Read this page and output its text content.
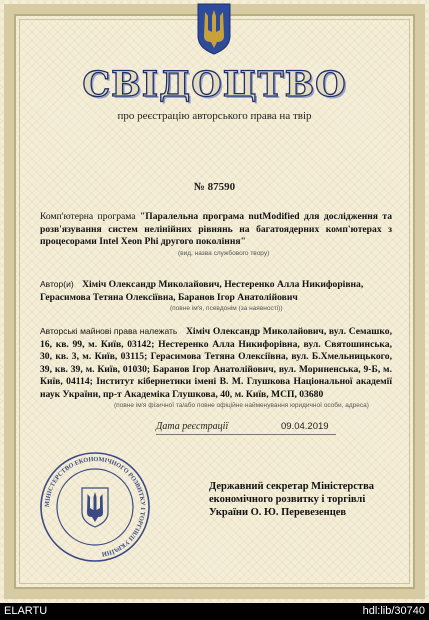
СВІДОЦТВО
про реєстрацію авторського права на твір
№ 87590
Комп'ютерна програма "Паралельна програма nutModified для дослідження та розв'язування систем нелінійних рівнянь на багатоядерних комп'ютерах з процесорами Intel Xeon Phi другого покоління"
(вид, назва службового твору)
Автор(и) Хіміч Олександр Миколайович, Нестеренко Алла Никифорівна, Герасимова Тетяна Олексіївна, Баранов Ігор Анатолійович
(повне ім'я, псевдонім (за наявності))
Авторські майнові права належать Хіміч Олександр Миколайович, вул. Семашко, 16, кв. 99, м. Київ, 03142; Нестеренко Алла Никифорівна, вул. Святошинська, 30, кв. 3, м. Київ, 03115; Герасимова Тетяна Олексіївна, вул. Б.Хмельницького, 39, кв. 39, м. Київ, 01030; Баранов Ігор Анатолійович, вул. Мориненська, 9-Б, м. Київ, 04114; Інститут кібернетики імені В. М. Глушкова Національної академії наук України, пр-т Академіка Глушкова, 40, м. Київ, МСП, 03680
(повне ім'я фізичної та/або повне офіційне найменування юридичної особи, адреса)
Дата реєстрації	09.04.2019
МІНІСТЕРСТВО ЕКОНОМІЧНОГО РОЗВИТКУ І ТОРГІВЛІ УКРАЇНИ
Державний секретар Міністерства
економічного розвитку і торгівлі
України О. Ю. Перевезенцев
ELARTU	hdl:lib/30740
